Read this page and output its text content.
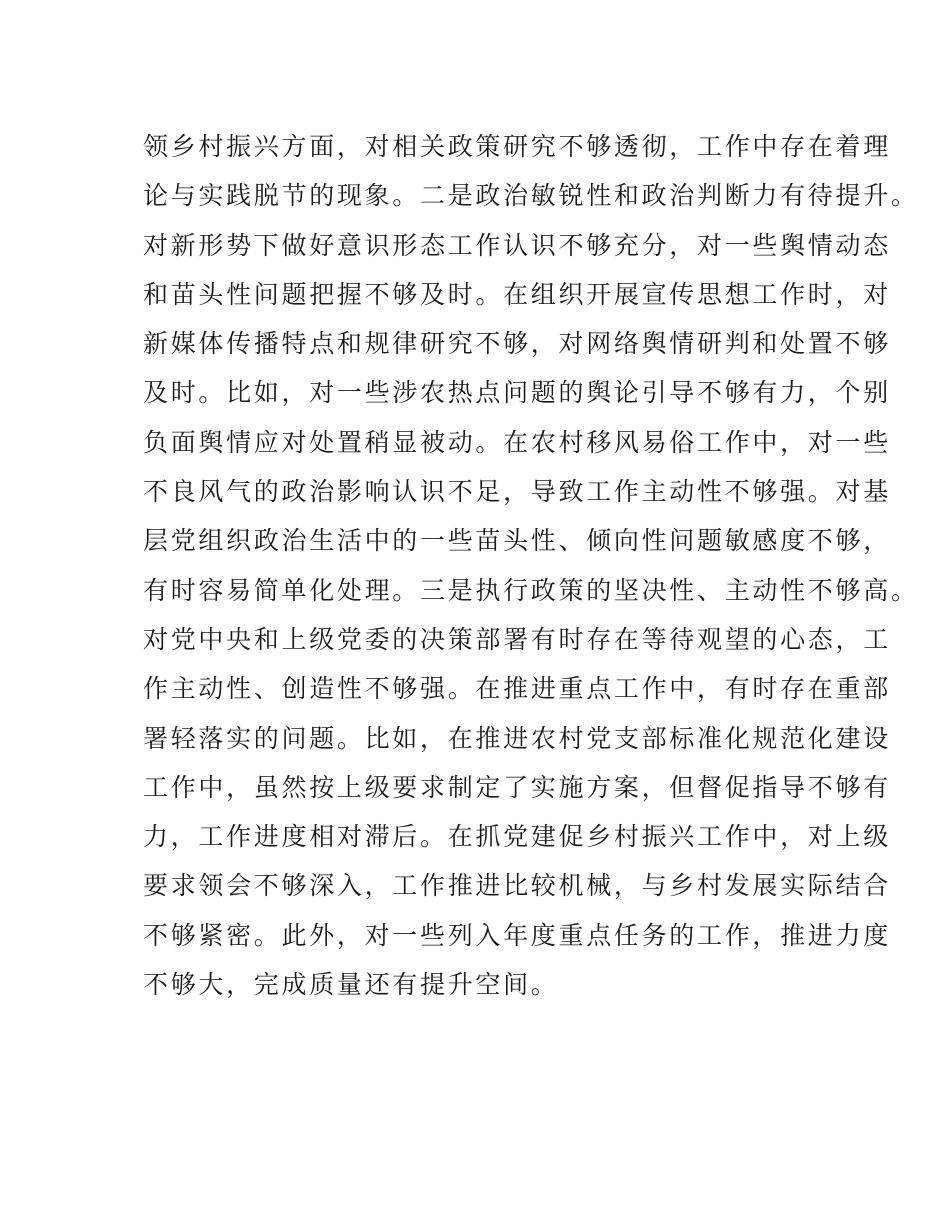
领乡村振兴方面，对相关政策研究不够透彻，工作中存在着理
论与实践脱节的现象。二是政治敏锐性和政治判断力有待提升。
对新形势下做好意识形态工作认识不够充分，对一些舆情动态
和苗头性问题把握不够及时。在组织开展宣传思想工作时，对
新媒体传播特点和规律研究不够，对网络舆情研判和处置不够
及时。比如，对一些涉农热点问题的舆论引导不够有力，个别
负面舆情应对处置稍显被动。在农村移风易俗工作中，对一些
不良风气的政治影响认识不足，导致工作主动性不够强。对基
层党组织政治生活中的一些苗头性、倾向性问题敏感度不够，
有时容易简单化处理。三是执行政策的坚决性、主动性不够高。
对党中央和上级党委的决策部署有时存在等待观望的心态，工
作主动性、创造性不够强。在推进重点工作中，有时存在重部
署轻落实的问题。比如，在推进农村党支部标准化规范化建设
工作中，虽然按上级要求制定了实施方案，但督促指导不够有
力，工作进度相对滞后。在抓党建促乡村振兴工作中，对上级
要求领会不够深入，工作推进比较机械，与乡村发展实际结合
不够紧密。此外，对一些列入年度重点任务的工作，推进力度
不够大，完成质量还有提升空间。
